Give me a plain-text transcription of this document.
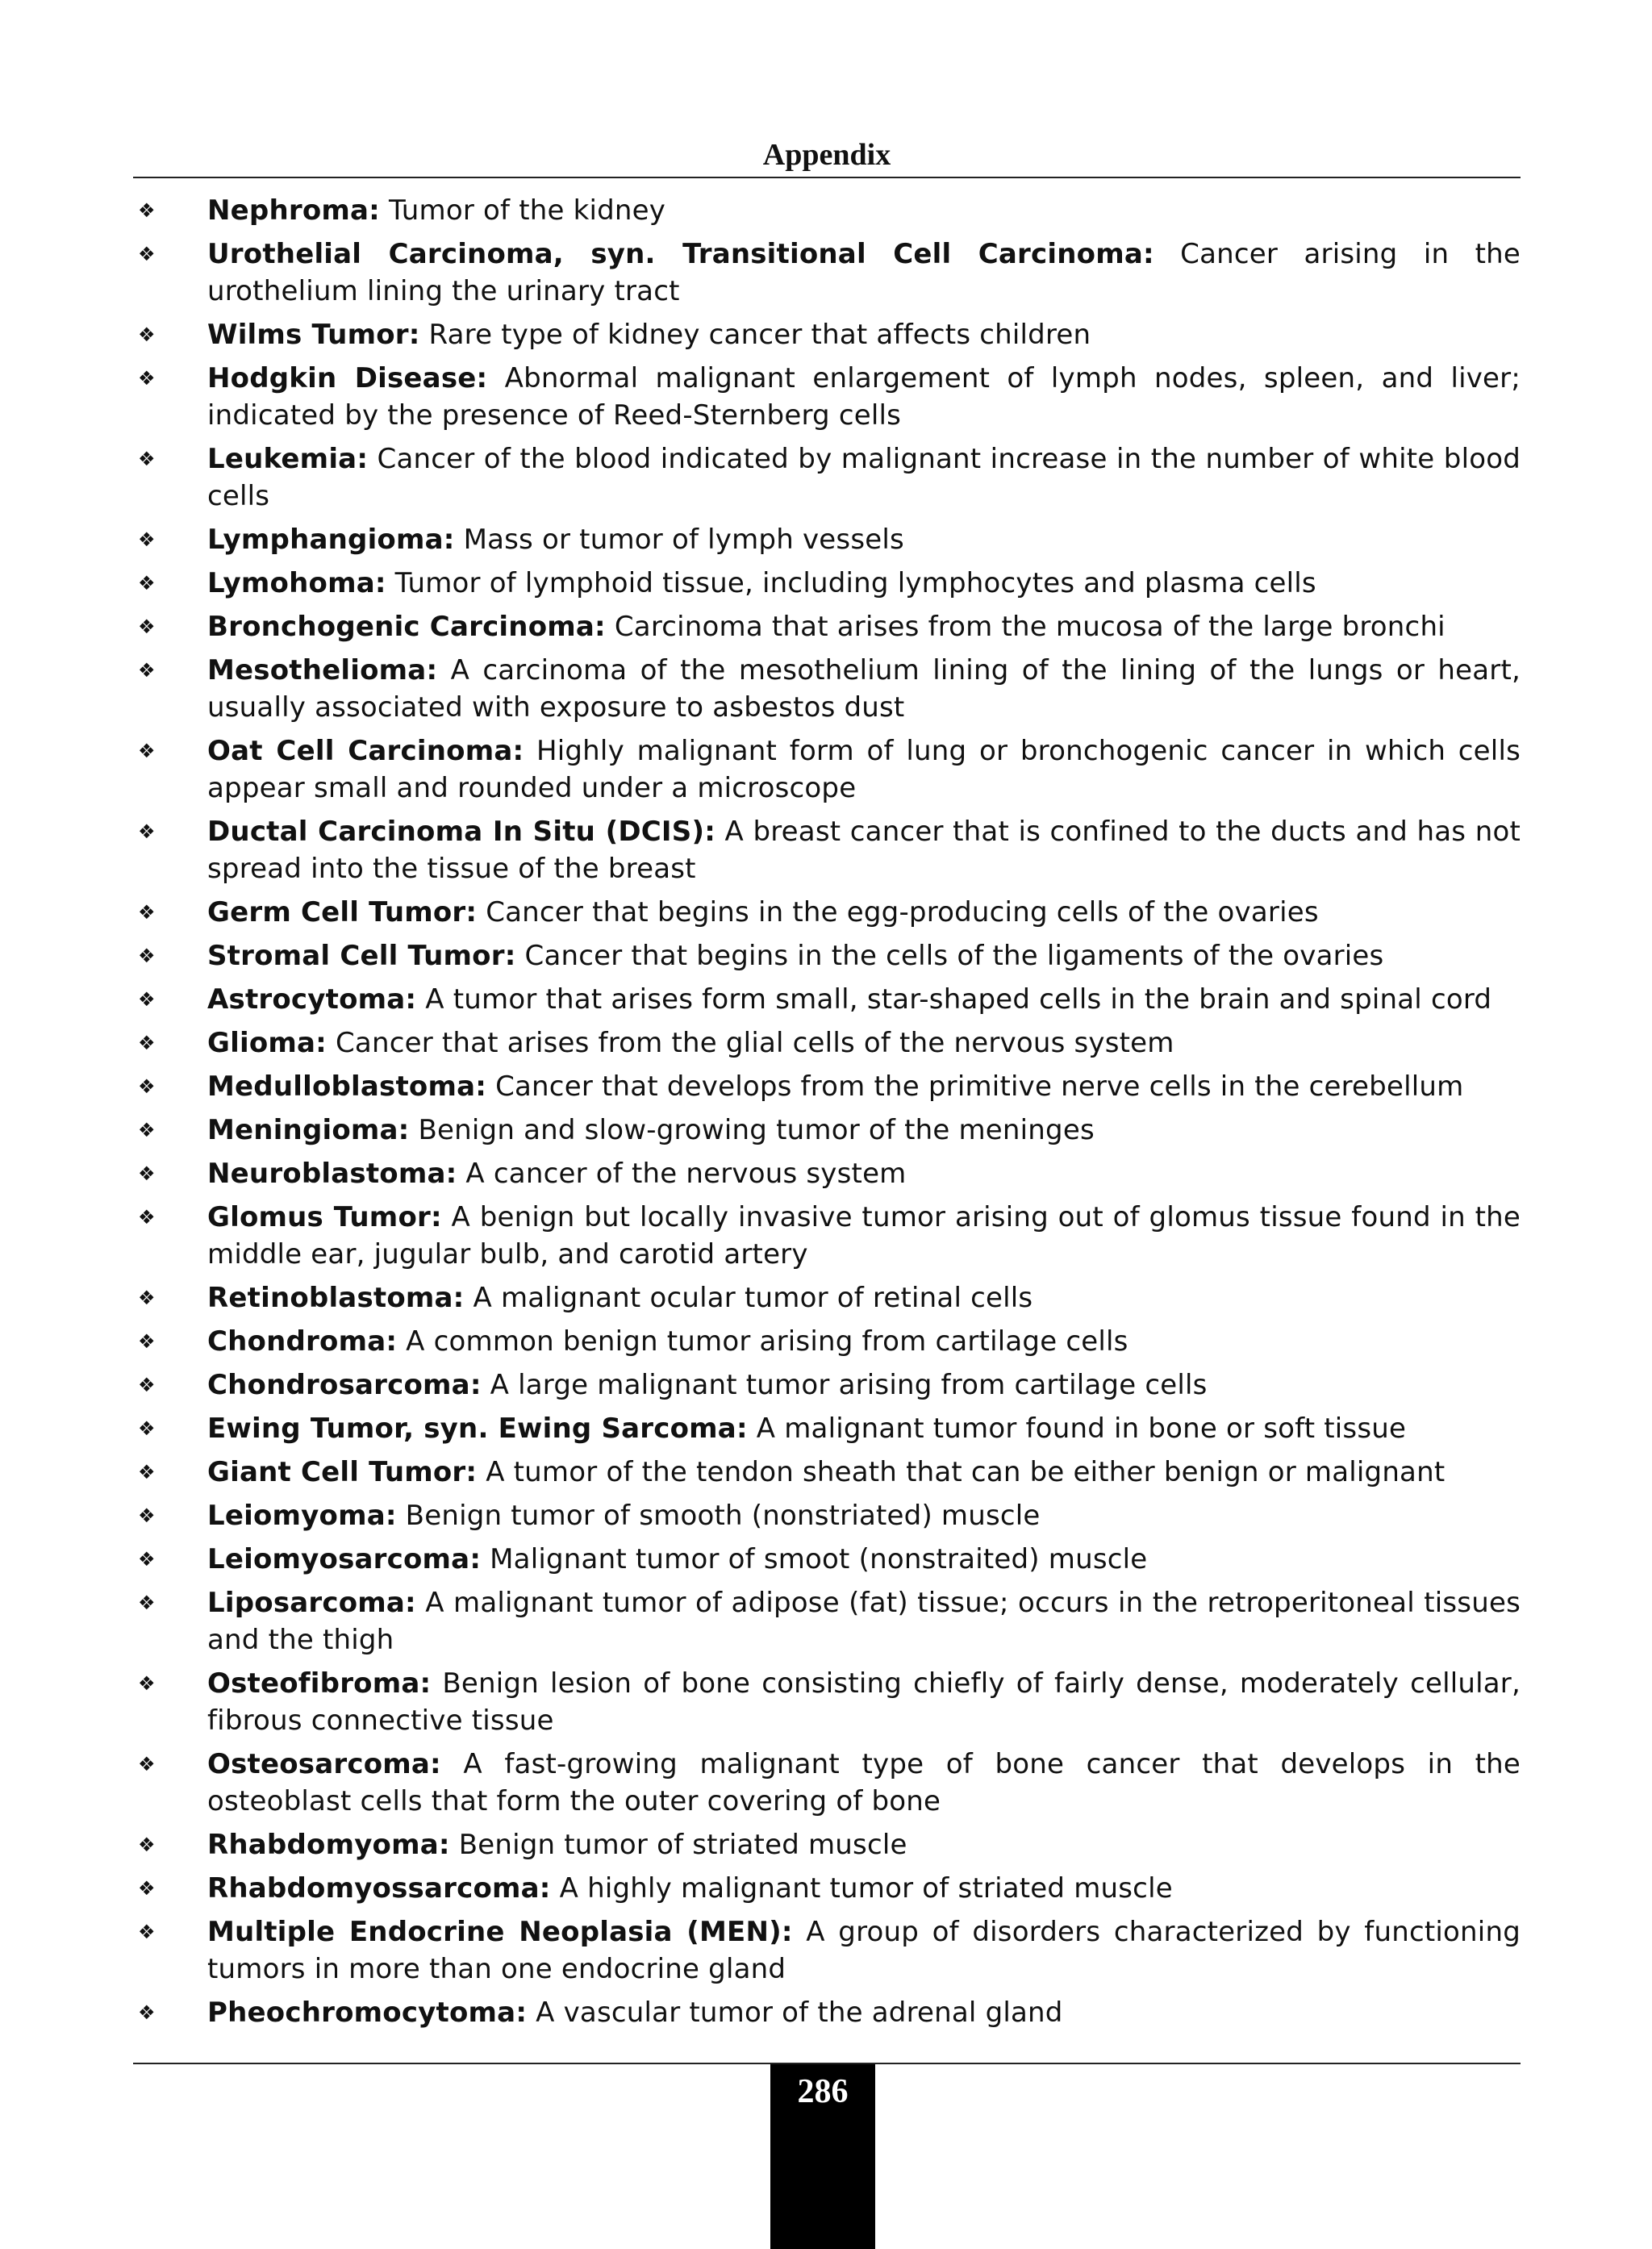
Appendix
❖ Nephroma: Tumor of the kidney
❖ Urothelial Carcinoma, syn. Transitional Cell Carcinoma: Cancer arising in the urothelium lining the urinary tract
❖ Wilms Tumor: Rare type of kidney cancer that affects children
❖ Hodgkin Disease: Abnormal malignant enlargement of lymph nodes, spleen, and liver; indicated by the presence of Reed-Sternberg cells
❖ Leukemia: Cancer of the blood indicated by malignant increase in the number of white blood cells
❖ Lymphangioma: Mass or tumor of lymph vessels
❖ Lymohoma: Tumor of lymphoid tissue, including lymphocytes and plasma cells
❖ Bronchogenic Carcinoma: Carcinoma that arises from the mucosa of the large bronchi
❖ Mesothelioma: A carcinoma of the mesothelium lining of the lining of the lungs or heart, usually associated with exposure to asbestos dust
❖ Oat Cell Carcinoma: Highly malignant form of lung or bronchogenic cancer in which cells appear small and rounded under a microscope
❖ Ductal Carcinoma In Situ (DCIS): A breast cancer that is confined to the ducts and has not spread into the tissue of the breast
❖ Germ Cell Tumor: Cancer that begins in the egg-producing cells of the ovaries
❖ Stromal Cell Tumor: Cancer that begins in the cells of the ligaments of the ovaries
❖ Astrocytoma: A tumor that arises form small, star-shaped cells in the brain and spinal cord
❖ Glioma: Cancer that arises from the glial cells of the nervous system
❖ Medulloblastoma: Cancer that develops from the primitive nerve cells in the cerebellum
❖ Meningioma: Benign and slow-growing tumor of the meninges
❖ Neuroblastoma: A cancer of the nervous system
❖ Glomus Tumor: A benign but locally invasive tumor arising out of glomus tissue found in the middle ear, jugular bulb, and carotid artery
❖ Retinoblastoma: A malignant ocular tumor of retinal cells
❖ Chondroma: A common benign tumor arising from cartilage cells
❖ Chondrosarcoma: A large malignant tumor arising from cartilage cells
❖ Ewing Tumor, syn. Ewing Sarcoma: A malignant tumor found in bone or soft tissue
❖ Giant Cell Tumor: A tumor of the tendon sheath that can be either benign or malignant
❖ Leiomyoma: Benign tumor of smooth (nonstriated) muscle
❖ Leiomyosarcoma: Malignant tumor of smoot (nonstraited) muscle
❖ Liposarcoma: A malignant tumor of adipose (fat) tissue; occurs in the retroperitoneal tissues and the thigh
❖ Osteofibroma: Benign lesion of bone consisting chiefly of fairly dense, moderately cellular, fibrous connective tissue
❖ Osteosarcoma: A fast-growing malignant type of bone cancer that develops in the osteoblast cells that form the outer covering of bone
❖ Rhabdomyoma: Benign tumor of striated muscle
❖ Rhabdomyossarcoma: A highly malignant tumor of striated muscle
❖ Multiple Endocrine Neoplasia (MEN): A group of disorders characterized by functioning tumors in more than one endocrine gland
❖ Pheochromocytoma: A vascular tumor of the adrenal gland
286
